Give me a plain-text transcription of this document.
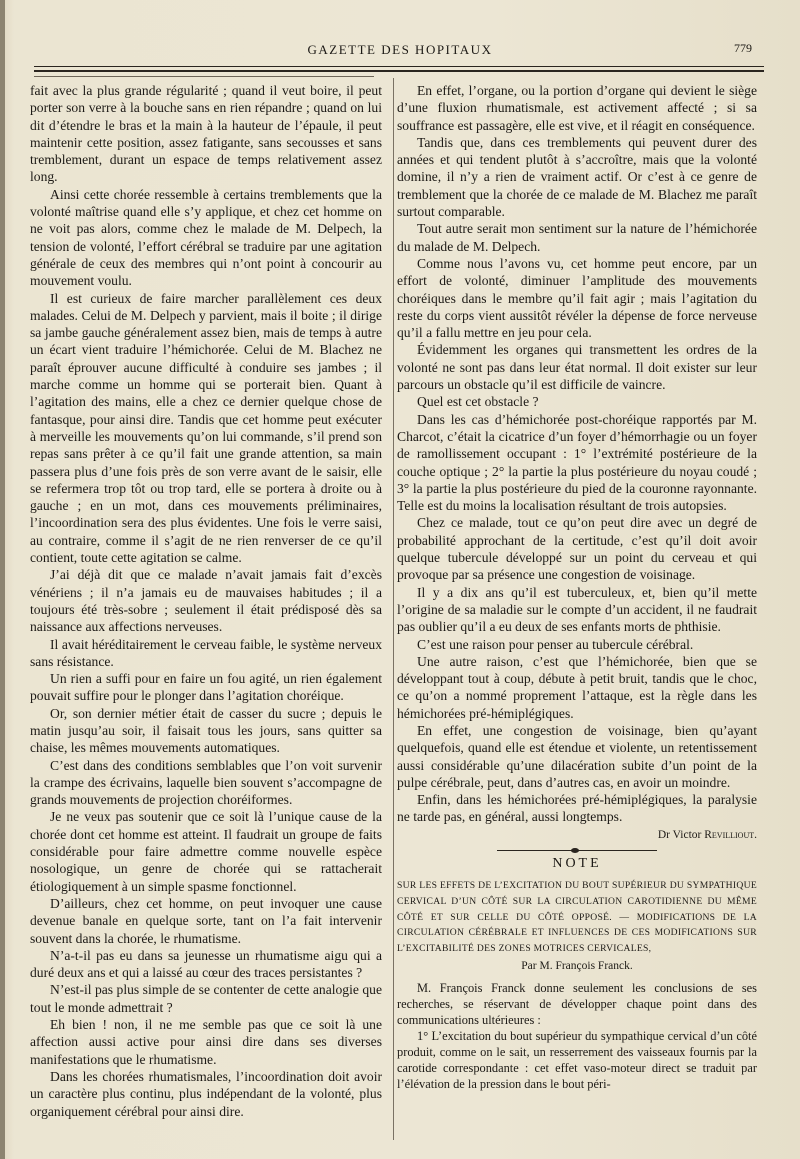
GAZETTE DES HOPITAUX	779

fait avec la plus grande régularité ; quand il veut boire, il peut porter son verre à la bouche sans en rien répandre ; quand on lui dit d’étendre le bras et la main à la hauteur de l’épaule, il peut maintenir cette position, assez fatigante, sans secousses et sans tremblement, durant un espace de temps relativement assez long.

Ainsi cette chorée ressemble à certains tremblements que la volonté maîtrise quand elle s’y applique, et chez cet homme on ne voit pas alors, comme chez le malade de M. Delpech, la tension de volonté, l’effort cérébral se traduire par une agitation générale de ceux des membres qui n’ont point à concourir au mouvement voulu.

Il est curieux de faire marcher parallèlement ces deux malades. Celui de M. Delpech y parvient, mais il boite ; il dirige sa jambe gauche généralement assez bien, mais de temps à autre un écart vient traduire l’hémichorée. Celui de M. Blachez ne paraît éprouver aucune difficulté à conduire ses jambes ; il marche comme un homme qui se porterait bien. Quant à l’agitation des mains, elle a chez ce dernier quelque chose de fantasque, pour ainsi dire. Tandis que cet homme peut exécuter à merveille les mouvements qu’on lui commande, s’il prend son repas sans prêter à ce qu’il fait une grande attention, sa main passera plus d’une fois près de son verre avant de le saisir, elle se refermera trop tôt ou trop tard, elle se portera à droite ou à gauche ; en un mot, dans ces mouvements préliminaires, l’incoordination sera des plus évidentes. Une fois le verre saisi, au contraire, comme il s’agit de ne rien renverser de ce qu’il contient, toute cette agitation se calme.

J’ai déjà dit que ce malade n’avait jamais fait d’excès vénériens ; il n’a jamais eu de mauvaises habitudes ; il a toujours été très-sobre ; seulement il était prédisposé dès sa naissance aux affections nerveuses.

Il avait héréditairement le cerveau faible, le système nerveux sans résistance.

Un rien a suffi pour en faire un fou agité, un rien également pouvait suffire pour le plonger dans l’agitation choréique.

Or, son dernier métier était de casser du sucre ; depuis le matin jusqu’au soir, il faisait tous les jours, sans quitter sa chaise, les mêmes mouvements automatiques.

C’est dans des conditions semblables que l’on voit survenir la crampe des écrivains, laquelle bien souvent s’accompagne de grands mouvements de projection choréiformes.

Je ne veux pas soutenir que ce soit là l’unique cause de la chorée dont cet homme est atteint. Il faudrait un groupe de faits considérable pour faire admettre comme nouvelle espèce nosologique, un genre de chorée qui se rattacherait étiologiquement à un simple spasme fonctionnel.

D’ailleurs, chez cet homme, on peut invoquer une cause devenue banale en quelque sorte, tant on l’a fait intervenir souvent dans la chorée, le rhumatisme.

N’a-t-il pas eu dans sa jeunesse un rhumatisme aigu qui a duré deux ans et qui a laissé au cœur des traces persistantes ?

N’est-il pas plus simple de se contenter de cette analogie que tout le monde admettrait ?

Eh bien ! non, il ne me semble pas que ce soit là une affection aussi active pour ainsi dire dans ses diverses manifestations que le rhumatisme.

Dans les chorées rhumatismales, l’incoordination doit avoir un caractère plus continu, plus indépendant de la volonté, plus organiquement cérébral pour ainsi dire.

En effet, l’organe, ou la portion d’organe qui devient le siège d’une fluxion rhumatismale, est activement affecté ; si sa souffrance est passagère, elle est vive, et il réagit en conséquence.

Tandis que, dans ces tremblements qui peuvent durer des années et qui tendent plutôt à s’accroître, mais que la volonté domine, il n’y a rien de vraiment actif. Or c’est à ce genre de tremblement que la chorée de ce malade de M. Blachez me paraît surtout comparable.

Tout autre serait mon sentiment sur la nature de l’hémichorée du malade de M. Delpech.

Comme nous l’avons vu, cet homme peut encore, par un effort de volonté, diminuer l’amplitude des mouvements choréiques dans le membre qu’il fait agir ; mais l’agitation du reste du corps vient aussitôt révéler la dépense de force nerveuse qu’il a fallu mettre en jeu pour cela.

Évidemment les organes qui transmettent les ordres de la volonté ne sont pas dans leur état normal. Il doit exister sur leur parcours un obstacle qu’il est difficile de vaincre.

Quel est cet obstacle ?

Dans les cas d’hémichorée post-choréique rapportés par M. Charcot, c’était la cicatrice d’un foyer d’hémorrhagie ou un foyer de ramollissement occupant : 1° l’extrémité postérieure de la couche optique ; 2° la partie la plus postérieure du noyau coudé ; 3° la partie la plus postérieure du pied de la couronne rayonnante. Telle est du moins la localisation résultant de trois autopsies.

Chez ce malade, tout ce qu’on peut dire avec un degré de probabilité approchant de la certitude, c’est qu’il doit avoir quelque tubercule développé sur un point du cerveau et qui provoque par sa présence une congestion de voisinage.

Il y a dix ans qu’il est tuberculeux, et, bien qu’il mette l’origine de sa maladie sur le compte d’un accident, il ne faudrait pas oublier qu’il a eu deux de ses enfants morts de phthisie.

C’est une raison pour penser au tubercule cérébral.

Une autre raison, c’est que l’hémichorée, bien que se développant tout à coup, débute à petit bruit, tandis que le choc, ce qu’on a nommé proprement l’attaque, est la règle dans les hémichorées pré-hémiplégiques.

En effet, une congestion de voisinage, bien qu’ayant quelquefois, quand elle est étendue et violente, un retentissement aussi considérable qu’une dilacération subite d’un point de la pulpe cérébrale, peut, dans d’autres cas, en avoir un moindre.

Enfin, dans les hémichorées pré-hémiplégiques, la paralysie ne tarde pas, en général, aussi longtemps.

Dr Victor Revilliout.
NOTE
SUR LES EFFETS DE L’EXCITATION DU BOUT SUPÉRIEUR DU SYMPATHIQUE CERVICAL D’UN CÔTÉ SUR LA CIRCULATION CAROTIDIENNE DU MÊME CÔTÉ ET SUR CELLE DU CÔTÉ OPPOSÉ. — MODIFICATIONS DE LA CIRCULATION CÉRÉBRALE ET INFLUENCES DE CES MODIFICATIONS SUR L’EXCITABILITÉ DES ZONES MOTRICES CERVICALES,
Par M. François Franck.

M. François Franck donne seulement les conclusions de ses recherches, se réservant de développer chaque point dans des communications ultérieures :

1° L’excitation du bout supérieur du sympathique cervical d’un côté produit, comme on le sait, un resserrement des vaisseaux fournis par la carotide correspondante : cet effet vaso-moteur direct se traduit par l’élévation de la pression dans le bout péri-
